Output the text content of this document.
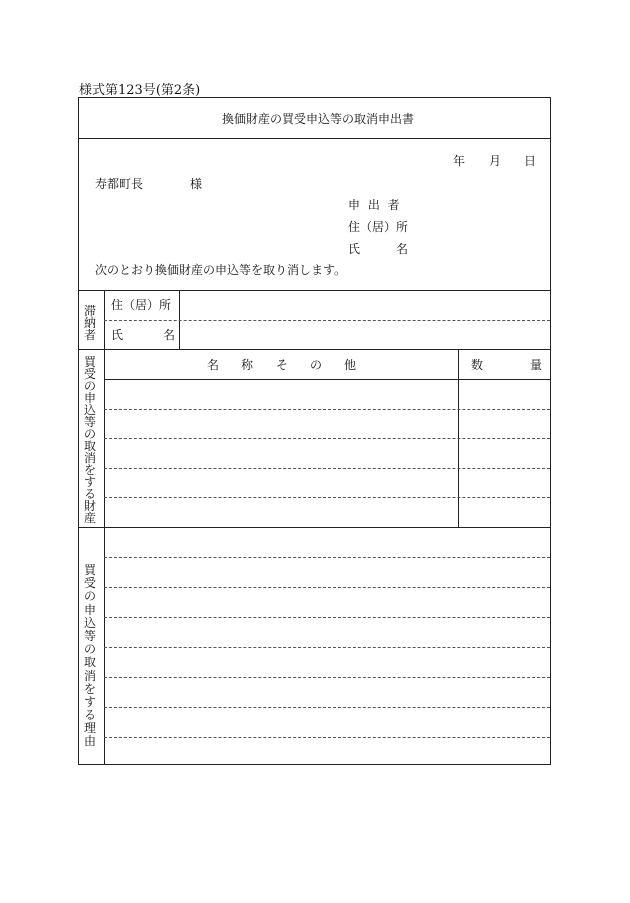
様式第123号(第2条)
換価財産の買受申込等の取消申出書
年 月 日
寿都町長	様
申 出 者
住（居）所
氏　　名
次のとおり換価財産の申込等を取り消します。
滞
納
者
住（居）所
氏	名
買
受
の
申
込
等
の
取
消
を
す
る
財
産
名 称 そ の 他	数	量
買
受
の
申
込
等
の
取
消
を
す
る
理
由
